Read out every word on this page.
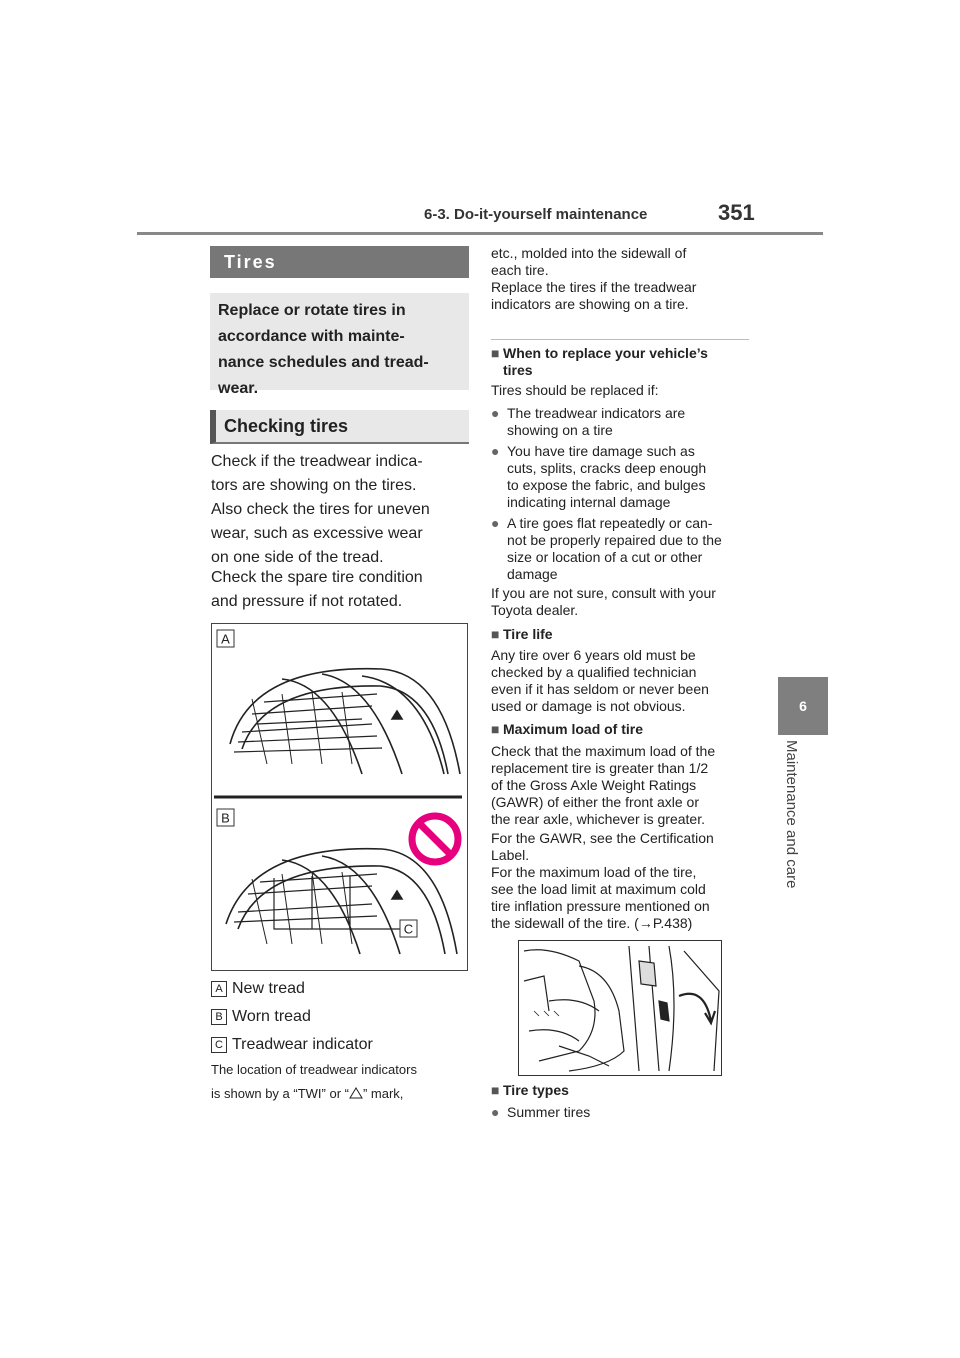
6-3. Do-it-yourself maintenance	351
6
Maintenance and care
Tires
Replace or rotate tires in
accordance with mainte-
nance schedules and tread-
wear.
Checking tires
Check if the treadwear indica-
tors are showing on the tires.
Also check the tires for uneven
wear, such as excessive wear
on one side of the tread.
Check the spare tire condition
and pressure if not rotated.
A
B
C
A New tread
B Worn tread
C Treadwear indicator
The location of treadwear indicators
is shown by a “TWI” or “ ” mark,
etc., molded into the sidewall of
each tire.
Replace the tires if the treadwear
indicators are showing on a tire.
■ When to replace your vehicle’s
tires
Tires should be replaced if:
● The treadwear indicators are
showing on a tire
● You have tire damage such as
cuts, splits, cracks deep enough
to expose the fabric, and bulges
indicating internal damage
● A tire goes flat repeatedly or can-
not be properly repaired due to the
size or location of a cut or other
damage
If you are not sure, consult with your
Toyota dealer.
■ Tire life
Any tire over 6 years old must be
checked by a qualified technician
even if it has seldom or never been
used or damage is not obvious.
■ Maximum load of tire
Check that the maximum load of the
replacement tire is greater than 1/2
of the Gross Axle Weight Ratings
(GAWR) of either the front axle or
the rear axle, whichever is greater.
For the GAWR, see the Certification
Label.
For the maximum load of the tire,
see the load limit at maximum cold
tire inflation pressure mentioned on
the sidewall of the tire. (→P.438)
■ Tire types
● Summer tires
